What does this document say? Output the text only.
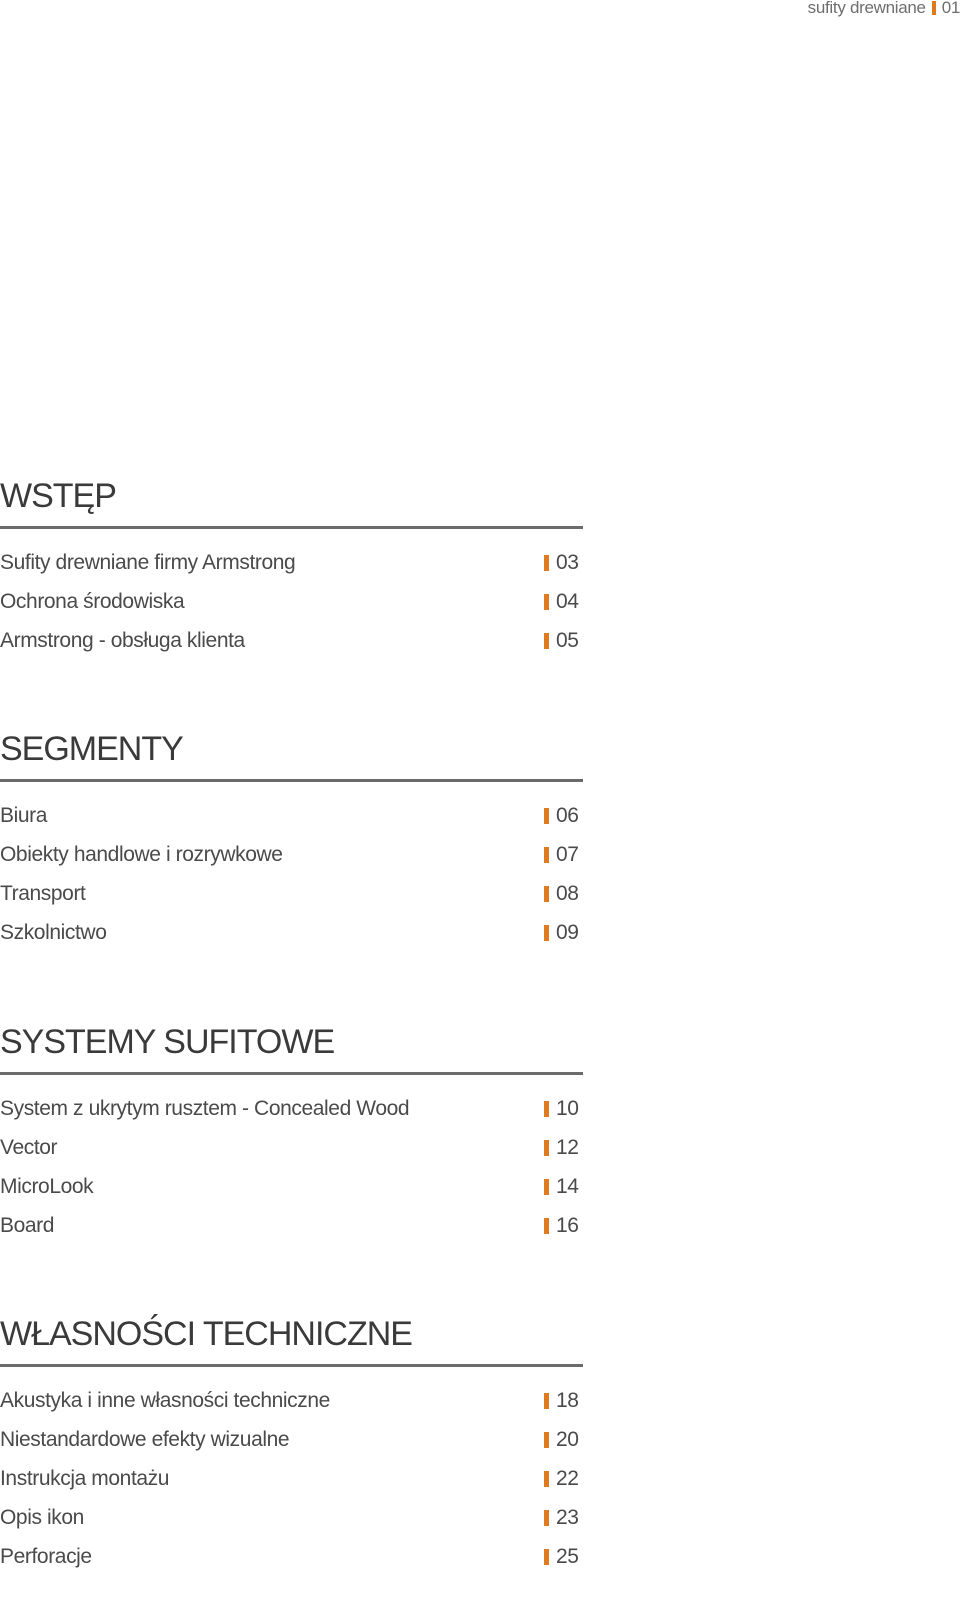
sufity drewniane 01
WSTĘP
Sufity drewniane firmy Armstrong	03
Ochrona środowiska	04
Armstrong - obsługa klienta	05
SEGMENTY
Biura	06
Obiekty handlowe i rozrywkowe	07
Transport	08
Szkolnictwo	09
SYSTEMY SUFITOWE
System z ukrytym rusztem - Concealed Wood	10
Vector	12
MicroLook	14
Board	16
WŁASNOŚCI TECHNICZNE
Akustyka i inne własności techniczne	18
Niestandardowe efekty wizualne	20
Instrukcja montażu	22
Opis ikon	23
Perforacje	25
